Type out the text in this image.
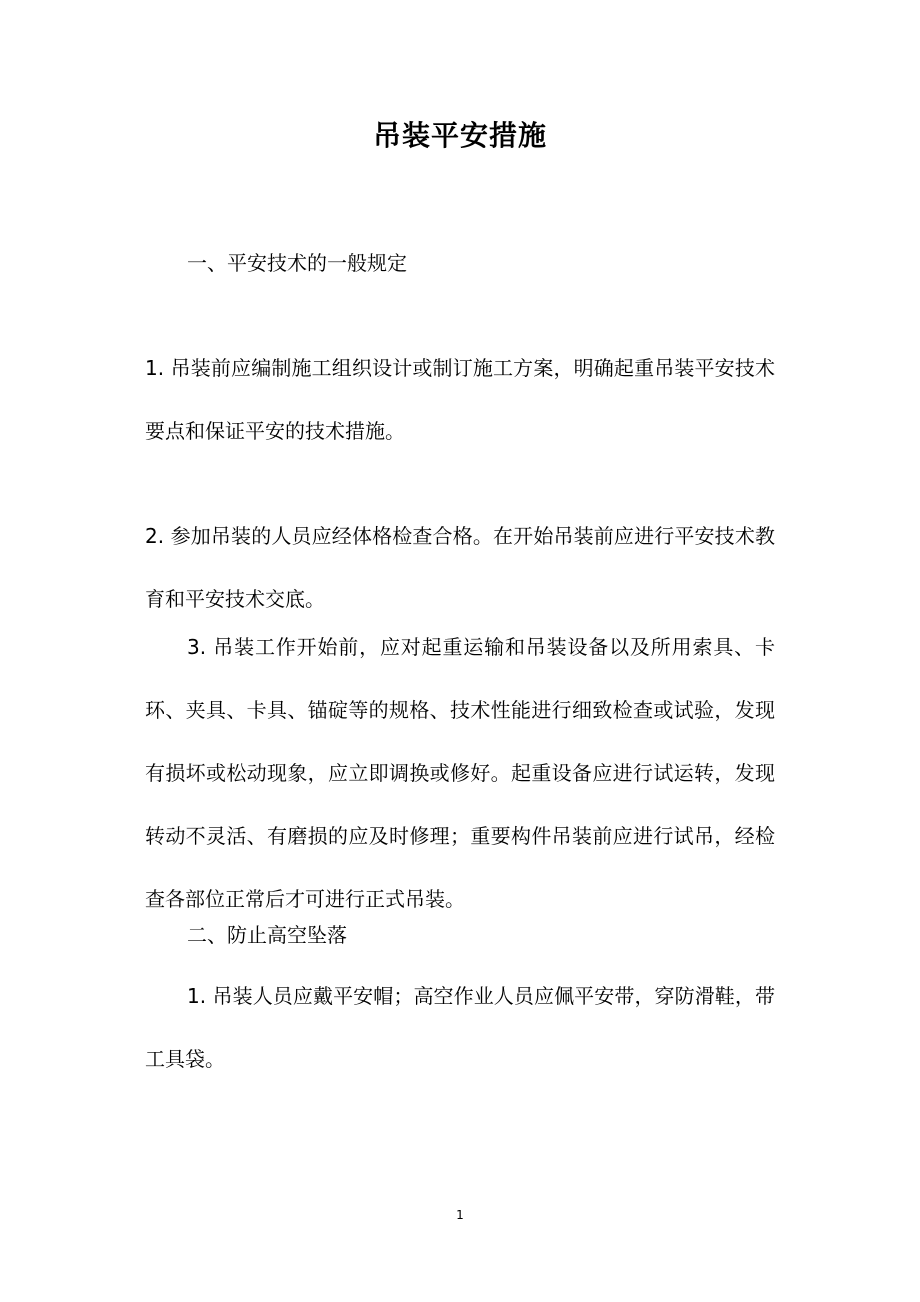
吊装平安措施
一、平安技术的一般规定
1. 吊装前应编制施工组织设计或制订施工方案，明确起重吊装平安技术要点和保证平安的技术措施。
2. 参加吊装的人员应经体格检查合格。在开始吊装前应进行平安技术教育和平安技术交底。
3. 吊装工作开始前，应对起重运输和吊装设备以及所用索具、卡环、夹具、卡具、锚碇等的规格、技术性能进行细致检查或试验，发现有损坏或松动现象，应立即调换或修好。起重设备应进行试运转，发现转动不灵活、有磨损的应及时修理；重要构件吊装前应进行试吊，经检查各部位正常后才可进行正式吊装。
二、防止高空坠落
1. 吊装人员应戴平安帽；高空作业人员应佩平安带，穿防滑鞋，带工具袋。
1
